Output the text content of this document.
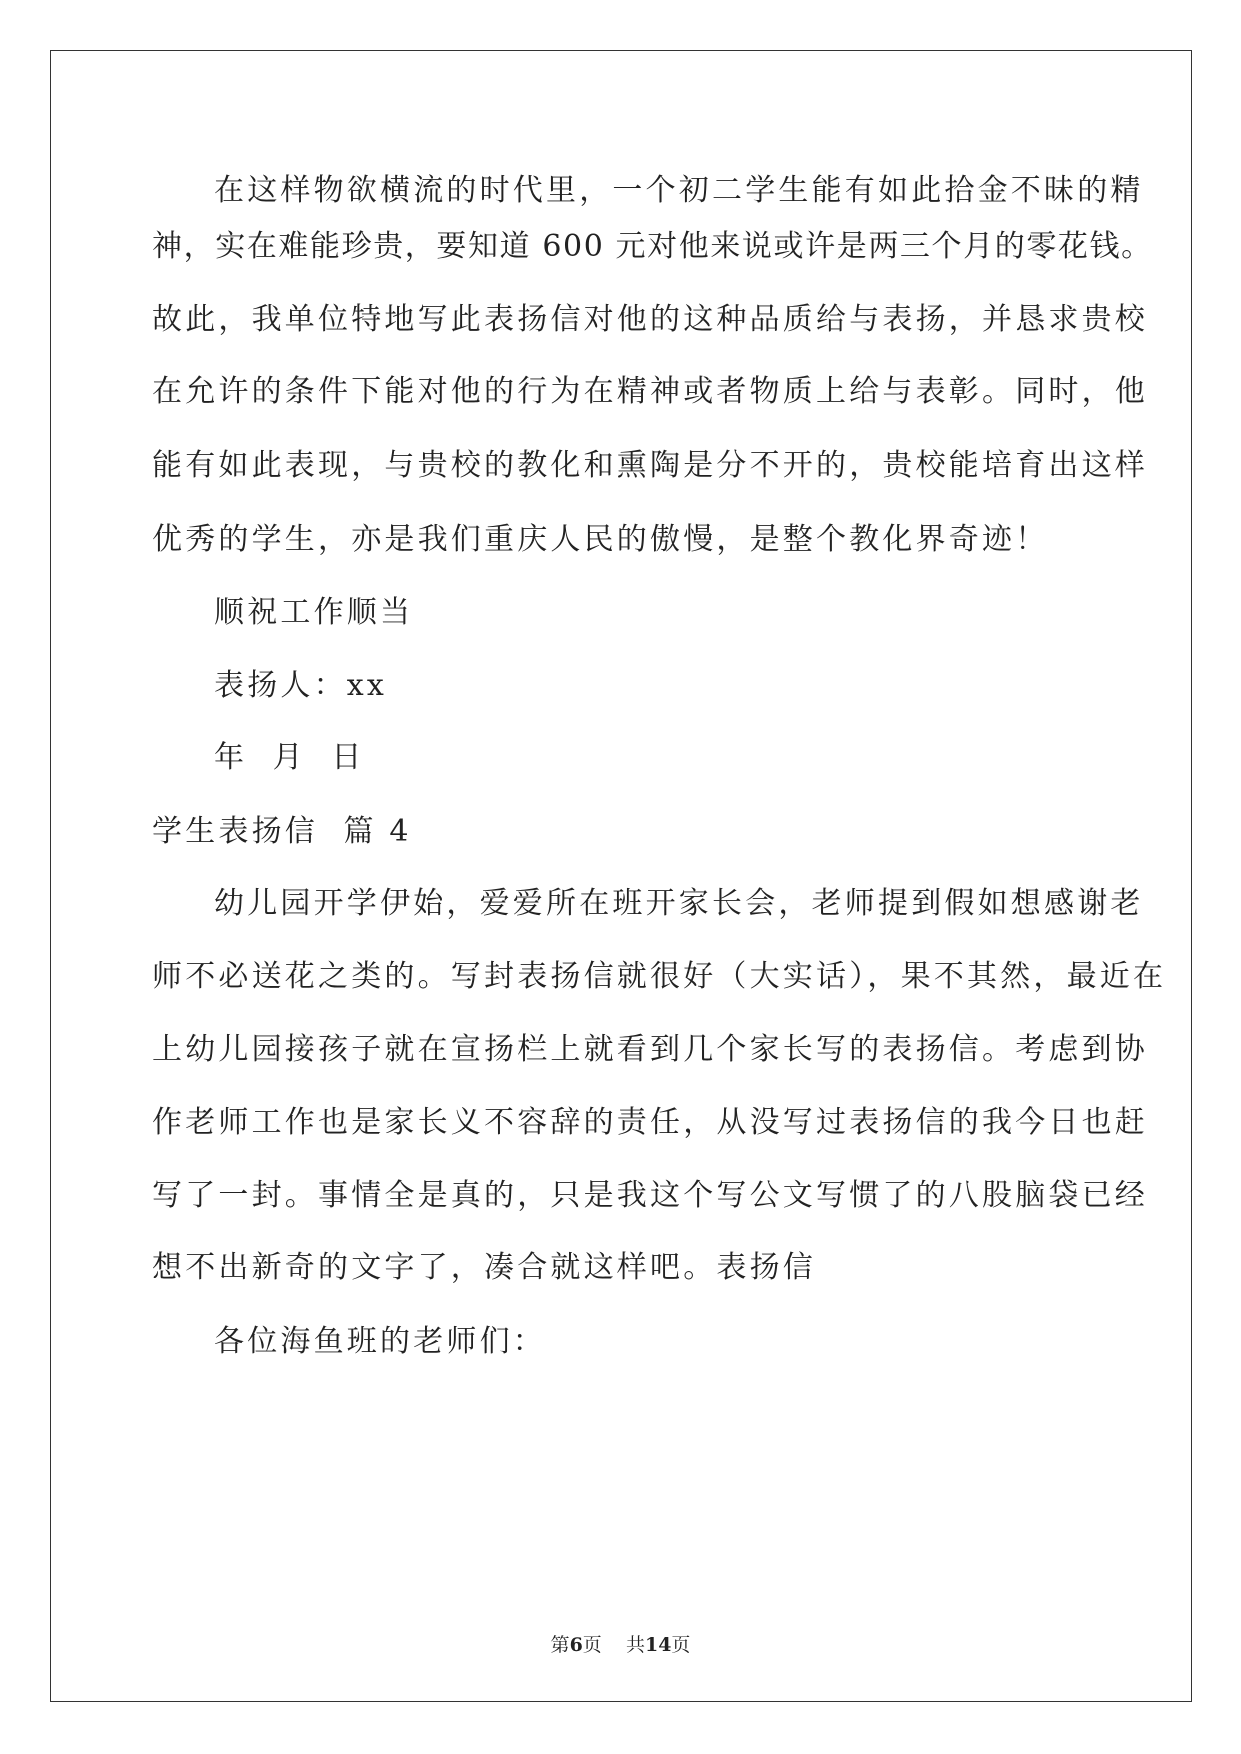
在这样物欲横流的时代里，一个初二学生能有如此拾金不昧的精
神，实在难能珍贵，要知道 600 元对他来说或许是两三个月的零花钱。
故此，我单位特地写此表扬信对他的这种品质给与表扬，并恳求贵校
在允许的条件下能对他的行为在精神或者物质上给与表彰。同时，他
能有如此表现，与贵校的教化和熏陶是分不开的，贵校能培育出这样
优秀的学生，亦是我们重庆人民的傲慢，是整个教化界奇迹！
顺祝工作顺当
表扬人：xx
年  月  日
学生表扬信  篇 4
幼儿园开学伊始，爱爱所在班开家长会，老师提到假如想感谢老
师不必送花之类的。写封表扬信就很好（大实话），果不其然，最近在
上幼儿园接孩子就在宣扬栏上就看到几个家长写的表扬信。考虑到协
作老师工作也是家长义不容辞的责任，从没写过表扬信的我今日也赶
写了一封。事情全是真的，只是我这个写公文写惯了的八股脑袋已经
想不出新奇的文字了，凑合就这样吧。表扬信
各位海鱼班的老师们：
第6页    共14页
